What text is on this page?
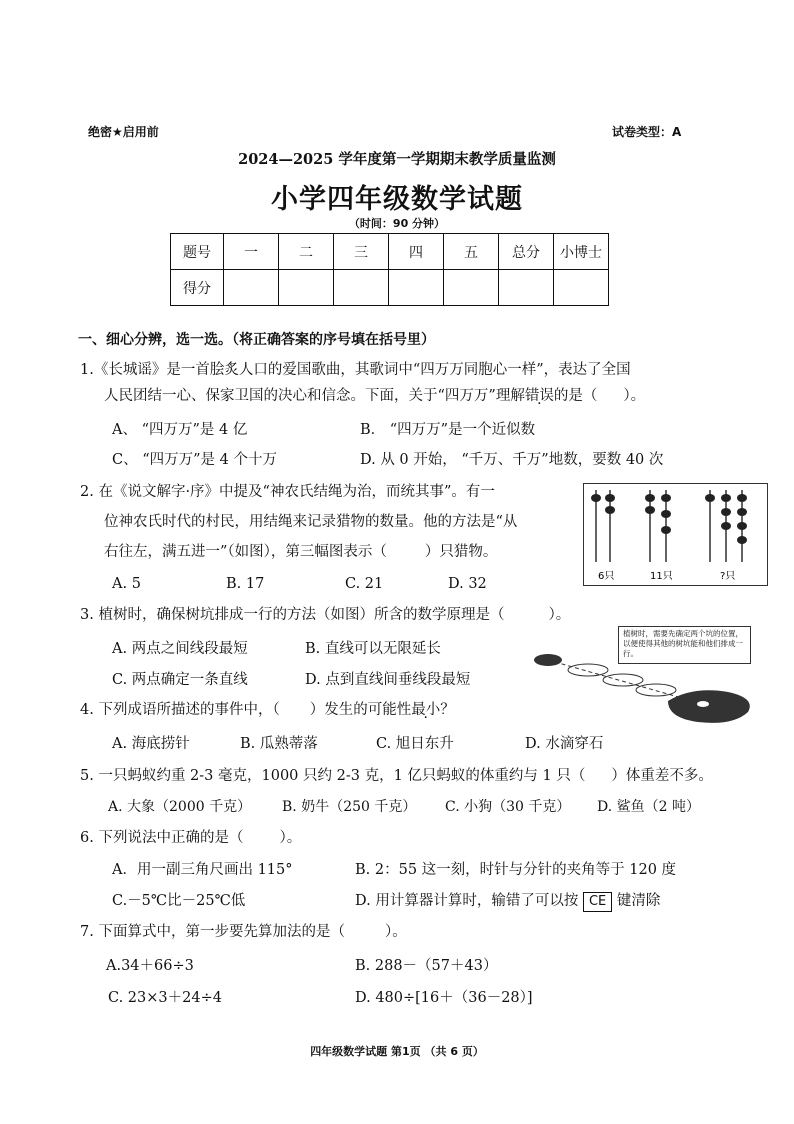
绝密★启用前	试卷类型：A
2024—2025 学年度第一学期期末教学质量监测
小学四年级数学试题
（时间：90 分钟）
题号	一	二	三	四	五	总分	小博士
得分							
一、细心分辨，选一选。（将正确答案的序号填在括号里）
1.《长城谣》是一首脍炙人口的爱国歌曲，其歌词中“四万万同胞心一样”，表达了全国
人民团结一心、保家卫国的决心和信念。下面，关于“四万万”理解错误的是（ ）。
A、 “四万万”是 4 亿	B． “四万万”是一个近似数
C、 “四万万”是 4 个十万	D. 从 0 开始， “千万、千万”地数，要数 40 次
2. 在《说文解字·序》中提及“神农氏结绳为治，而统其事”。有一
位神农氏时代的村民，用结绳来记录猎物的数量。他的方法是“从
右往左，满五进一”（如图），第三幅图表示（	）只猎物。
A. 5	B. 17	C. 21	D. 32	6只	11只	?只
3. 植树时，确保树坑排成一行的方法（如图）所含的数学原理是（	）。
A. 两点之间线段最短	B. 直线可以无限延长
C. 两点确定一条直线	D. 点到直线间垂线段最短
植树时，需要先确定两个坑的位置，以便使得其他的树坑能和他们排成一行。
4. 下列成语所描述的事件中，（ ）发生的可能性最小？
A. 海底捞针	B. 瓜熟蒂落	C. 旭日东升	D. 水滴穿石
5. 一只蚂蚁约重 2-3 毫克，1000 只约 2-3 克，1 亿只蚂蚁的体重约与 1 只（ ）体重差不多。
A. 大象（2000 千克） B. 奶牛（250 千克） C. 小狗（30 千克） D. 鲨鱼（2 吨）
6. 下列说法中正确的是（ ）。
A．用一副三角尺画出 115°	B. 2：55 这一刻，时针与分针的夹角等于 120 度
C.－5℃比－25℃低	D. 用计算器计算时，输错了可以按 CE 键清除
7. 下面算式中，第一步要先算加法的是（	）。
A.34＋66÷3	B. 288－（57＋43）
C. 23×3＋24÷4	D. 480÷[16＋（36－28）]
四年级数学试题 第1页 （共 6 页）
